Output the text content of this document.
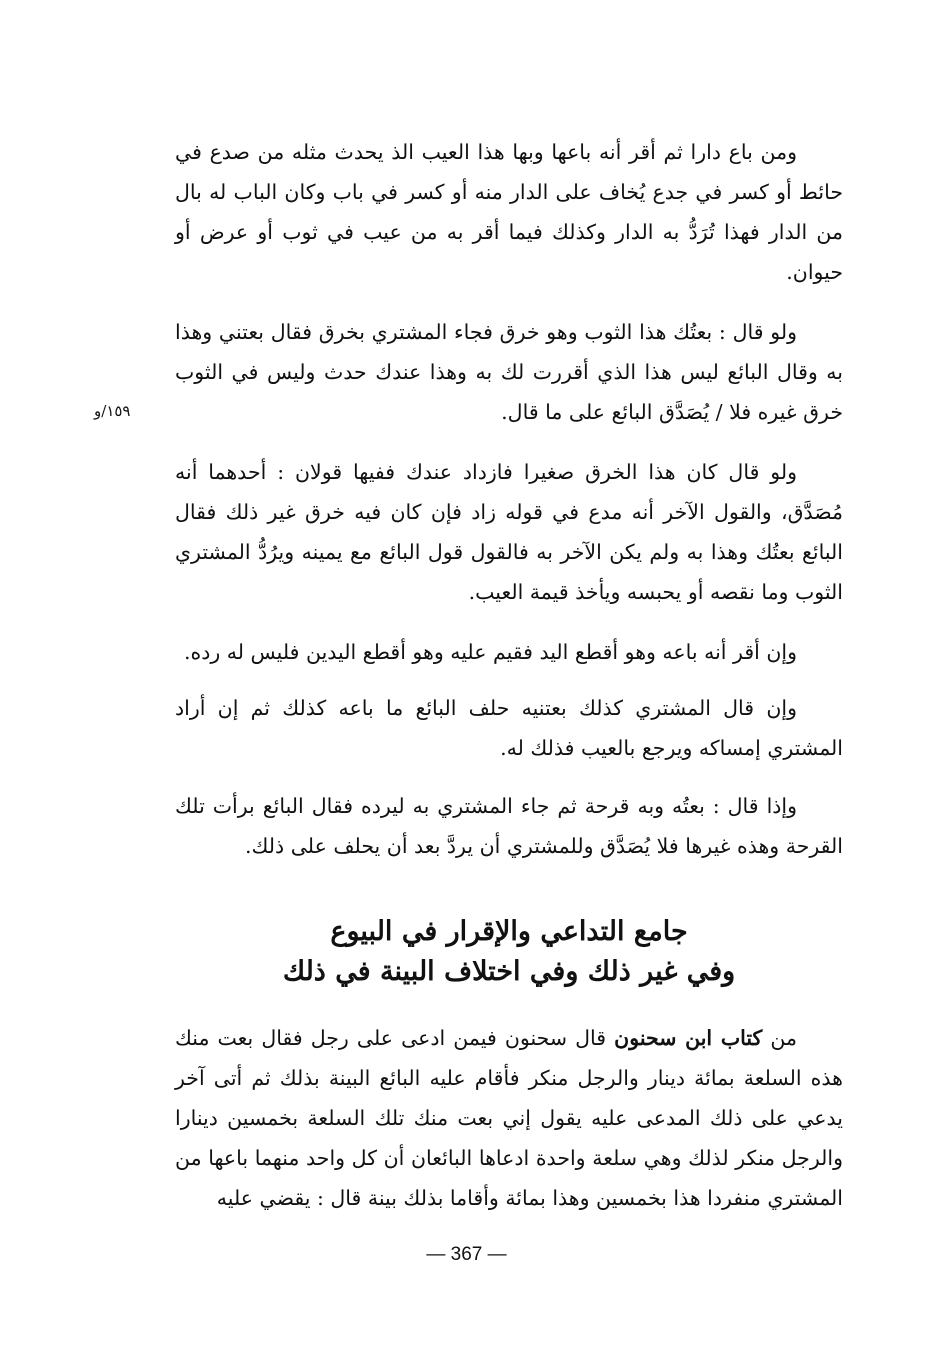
ومن باع دارا ثم أقر أنه باعها وبها هذا العيب الذ يحدث مثله من صدع في حائط أو كسر في جدع يُخاف على الدار منه أو كسر في باب وكان الباب له بال من الدار فهذا تُرَدُّ به الدار وكذلك فيما أقر به من عيب في ثوب أو عرض أو حيوان.

ولو قال : بعتُك هذا الثوب وهو خرق فجاء المشتري بخرق فقال بعتني وهذا به وقال البائع ليس هذا الذي أقررت لك به وهذا عندك حدث وليس في الثوب خرق غيره فلا / يُصَدَّق البائع على ما قال.

١٥٩/و

ولو قال كان هذا الخرق صغيرا فازداد عندك ففيها قولان : أحدهما أنه مُصَدَّق، والقول الآخر أنه مدع في قوله زاد فإن كان فيه خرق غير ذلك فقال البائع بعتُك وهذا به ولم يكن الآخر به فالقول قول البائع مع يمينه ويرُدُّ المشتري الثوب وما نقصه أو يحبسه ويأخذ قيمة العيب.

وإن أقر أنه باعه وهو أقطع اليد فقيم عليه وهو أقطع اليدين فليس له رده.

وإن قال المشتري كذلك بعتنيه حلف البائع ما باعه كذلك ثم إن أراد المشتري إمساكه ويرجع بالعيب فذلك له.

وإذا قال : بعتُه وبه قرحة ثم جاء المشتري به ليرده فقال البائع برأت تلك القرحة وهذه غيرها فلا يُصَدَّق وللمشتري أن يردَّ بعد أن يحلف على ذلك.

جامع التداعي والإقرار في البيوع
وفي غير ذلك وفي اختلاف البينة في ذلك

من كتاب ابن سحنون قال سحنون فيمن ادعى على رجل فقال بعت منك هذه السلعة بمائة دينار والرجل منكر فأقام عليه البائع البينة بذلك ثم أتى آخر يدعي على ذلك المدعى عليه يقول إني بعت منك تلك السلعة بخمسين دينارا والرجل منكر لذلك وهي سلعة واحدة ادعاها البائعان أن كل واحد منهما باعها من المشتري منفردا هذا بخمسين وهذا بمائة وأقاما بذلك بينة قال : يقضي عليه

— 367 —
